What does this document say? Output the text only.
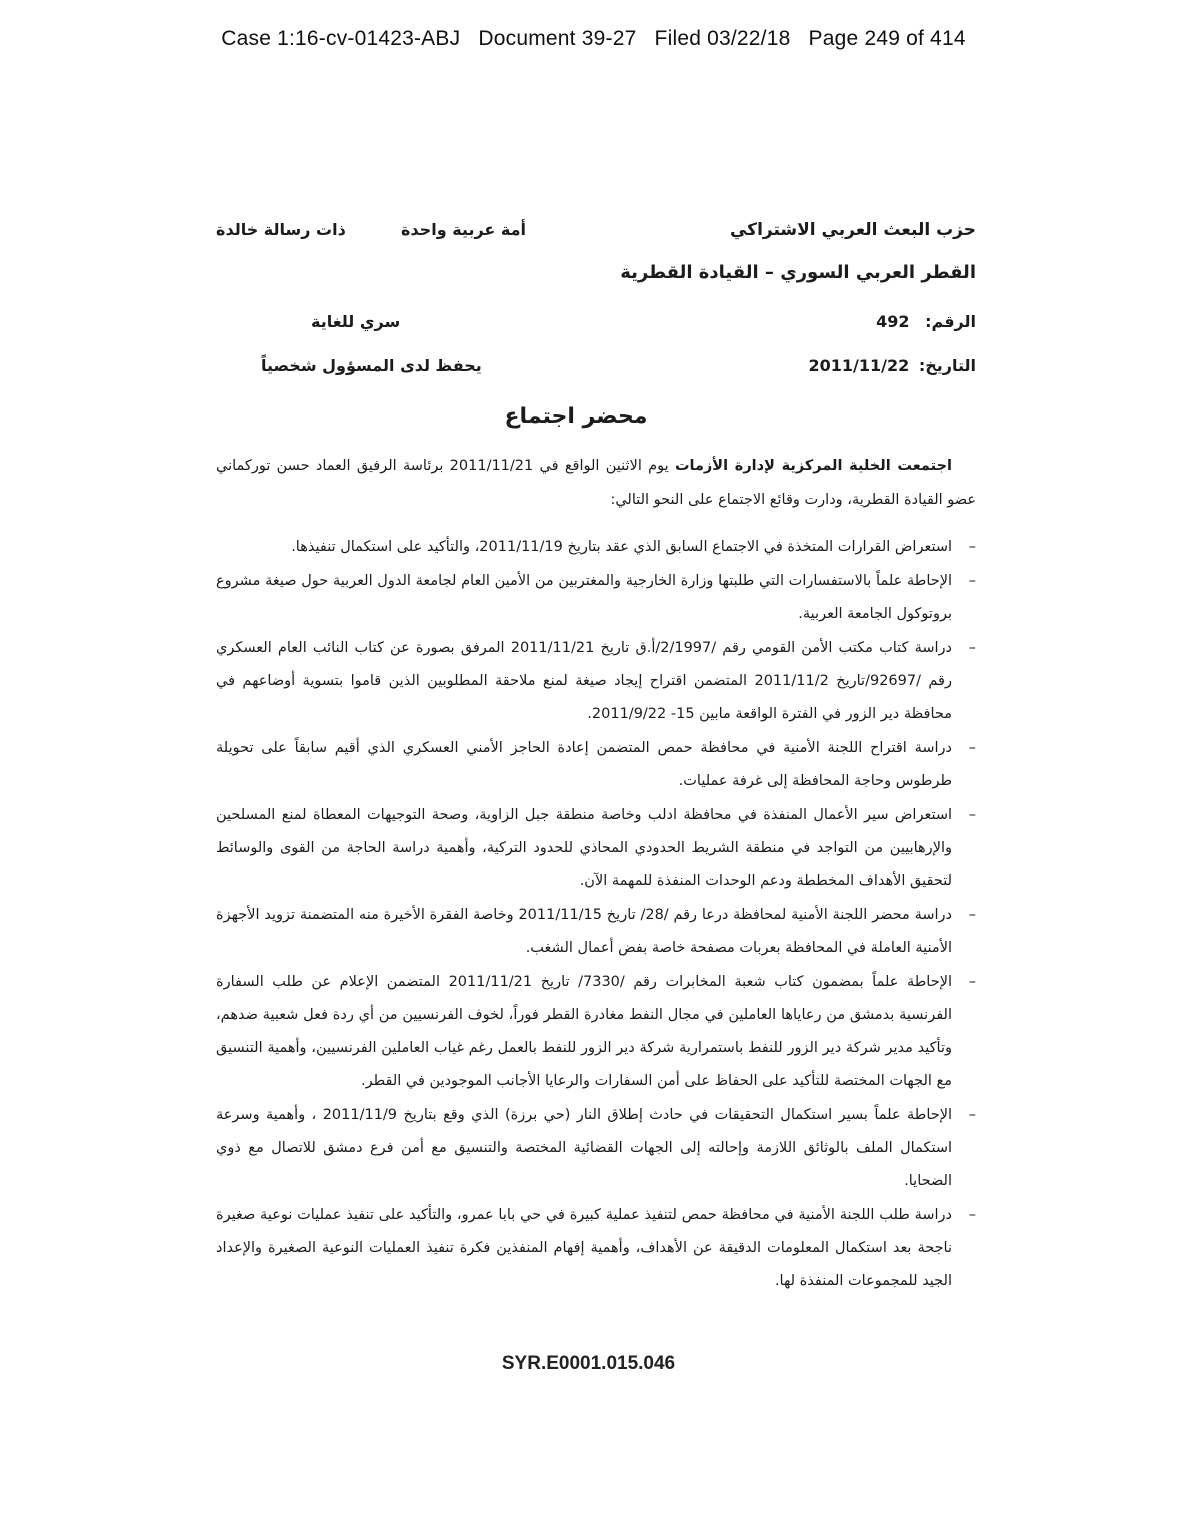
Case 1:16-cv-01423-ABJ   Document 39-27   Filed 03/22/18   Page 249 of 414
حزب البعث العربي الاشتراكي
أمة عربية واحدة
ذات رسالة خالدة
القطر العربي السوري – القيادة القطرية
الرقم: 492
سري للغاية
التاريخ: 2011/11/22
يحفظ لدى المسؤول شخصياً
محضر اجتماع

اجتمعت الخلية المركزية لإدارة الأزمات يوم الاثنين الواقع في 2011/11/21 برئاسة الرفيق العماد حسن توركماني عضو القيادة القطرية، ودارت وقائع الاجتماع على النحو التالي:

–
استعراض القرارات المتخذة في الاجتماع السابق الذي عقد بتاريخ 2011/11/19، والتأكيد على استكمال تنفيذها.
–
الإحاطة علماً بالاستفسارات التي طلبتها وزارة الخارجية والمغتربين من الأمين العام لجامعة الدول العربية حول صيغة مشروع بروتوكول الجامعة العربية.
–
دراسة كتاب مكتب الأمن القومي رقم /2/1997/أ.ق تاريخ 2011/11/21 المرفق بصورة عن كتاب النائب العام العسكري رقم /92697/تاريخ 2011/11/2 المتضمن اقتراح إيجاد صيغة لمنع ملاحقة المطلوبين الذين قاموا بتسوية أوضاعهم في محافظة دير الزور في الفترة الواقعة مابين 15- 2011/9/22.
–
دراسة اقتراح اللجنة الأمنية في محافظة حمص المتضمن إعادة الحاجز الأمني العسكري الذي أقيم سابقاً على تحويلة طرطوس وحاجة المحافظة إلى غرفة عمليات.
–
استعراض سير الأعمال المنفذة في محافظة ادلب وخاصة منطقة جبل الزاوية، وصحة التوجيهات المعطاة لمنع المسلحين والإرهابيين من التواجد في منطقة الشريط الحدودي المحاذي للحدود التركية، وأهمية دراسة الحاجة من القوى والوسائط لتحقيق الأهداف المخططة ودعم الوحدات المنفذة للمهمة الآن.
–
دراسة محضر اللجنة الأمنية لمحافظة درعا رقم /28/ تاريخ 2011/11/15 وخاصة الفقرة الأخيرة منه المتضمنة تزويد الأجهزة الأمنية العاملة في المحافظة بعربات مصفحة خاصة بفض أعمال الشغب.
–
الإحاطة علماً بمضمون كتاب شعبة المخابرات رقم /7330/ تاريخ 2011/11/21 المتضمن الإعلام عن طلب السفارة الفرنسية بدمشق من رعاياها العاملين في مجال النفط مغادرة القطر فوراً، لخوف الفرنسيين من أي ردة فعل شعبية ضدهم، وتأكيد مدير شركة دير الزور للنفط باستمرارية شركة دير الزور للنفط بالعمل رغم غياب العاملين الفرنسيين، وأهمية التنسيق مع الجهات المختصة للتأكيد على الحفاظ على أمن السفارات والرعايا الأجانب الموجودين في القطر.
–
الإحاطة علماً بسير استكمال التحقيقات في حادث إطلاق النار (حي برزة) الذي وقع بتاريخ 2011/11/9 ، وأهمية وسرعة استكمال الملف بالوثائق اللازمة وإحالته إلى الجهات القضائية المختصة والتنسيق مع أمن فرع دمشق للاتصال مع ذوي الضحايا.
–
دراسة طلب اللجنة الأمنية في محافظة حمص لتنفيذ عملية كبيرة في حي بابا عمرو، والتأكيد على تنفيذ عمليات نوعية صغيرة ناجحة بعد استكمال المعلومات الدقيقة عن الأهداف، وأهمية إفهام المنفذين فكرة تنفيذ العمليات النوعية الصغيرة والإعداد الجيد للمجموعات المنفذة لها.
SYR.E0001.015.046
